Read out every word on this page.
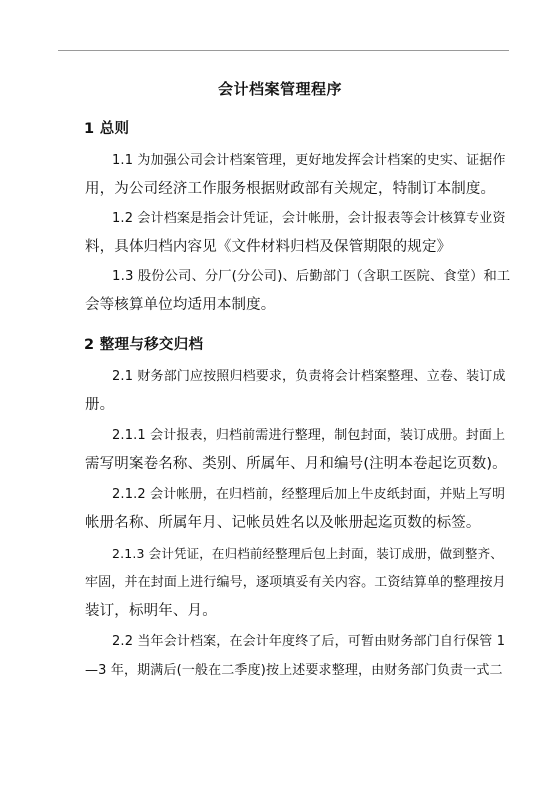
会计档案管理程序
1 总则
1.1 为加强公司会计档案管理，更好地发挥会计档案的史实、证据作
用，为公司经济工作服务根据财政部有关规定，特制订本制度。
1.2 会计档案是指会计凭证，会计帐册，会计报表等会计核算专业资
料，具体归档内容见《文件材料归档及保管期限的规定》
1.3 股份公司、分厂(分公司)、后勤部门（含职工医院、食堂）和工
会等核算单位均适用本制度。
2 整理与移交归档
2.1 财务部门应按照归档要求，负责将会计档案整理、立卷、装订成
册。
2.1.1 会计报表，归档前需进行整理，制包封面，装订成册。封面上
需写明案卷名称、类别、所属年、月和编号(注明本卷起讫页数)。
2.1.2 会计帐册，在归档前，经整理后加上牛皮纸封面，并贴上写明
帐册名称、所属年月、记帐员姓名以及帐册起迄页数的标签。
2.1.3 会计凭证，在归档前经整理后包上封面，装订成册，做到整齐、
牢固，并在封面上进行编号，逐项填妥有关内容。工资结算单的整理按月
装订，标明年、月。
2.2 当年会计档案，在会计年度终了后，可暂由财务部门自行保管 1
—3 年，期满后(一般在二季度)按上述要求整理，由财务部门负责一式二
